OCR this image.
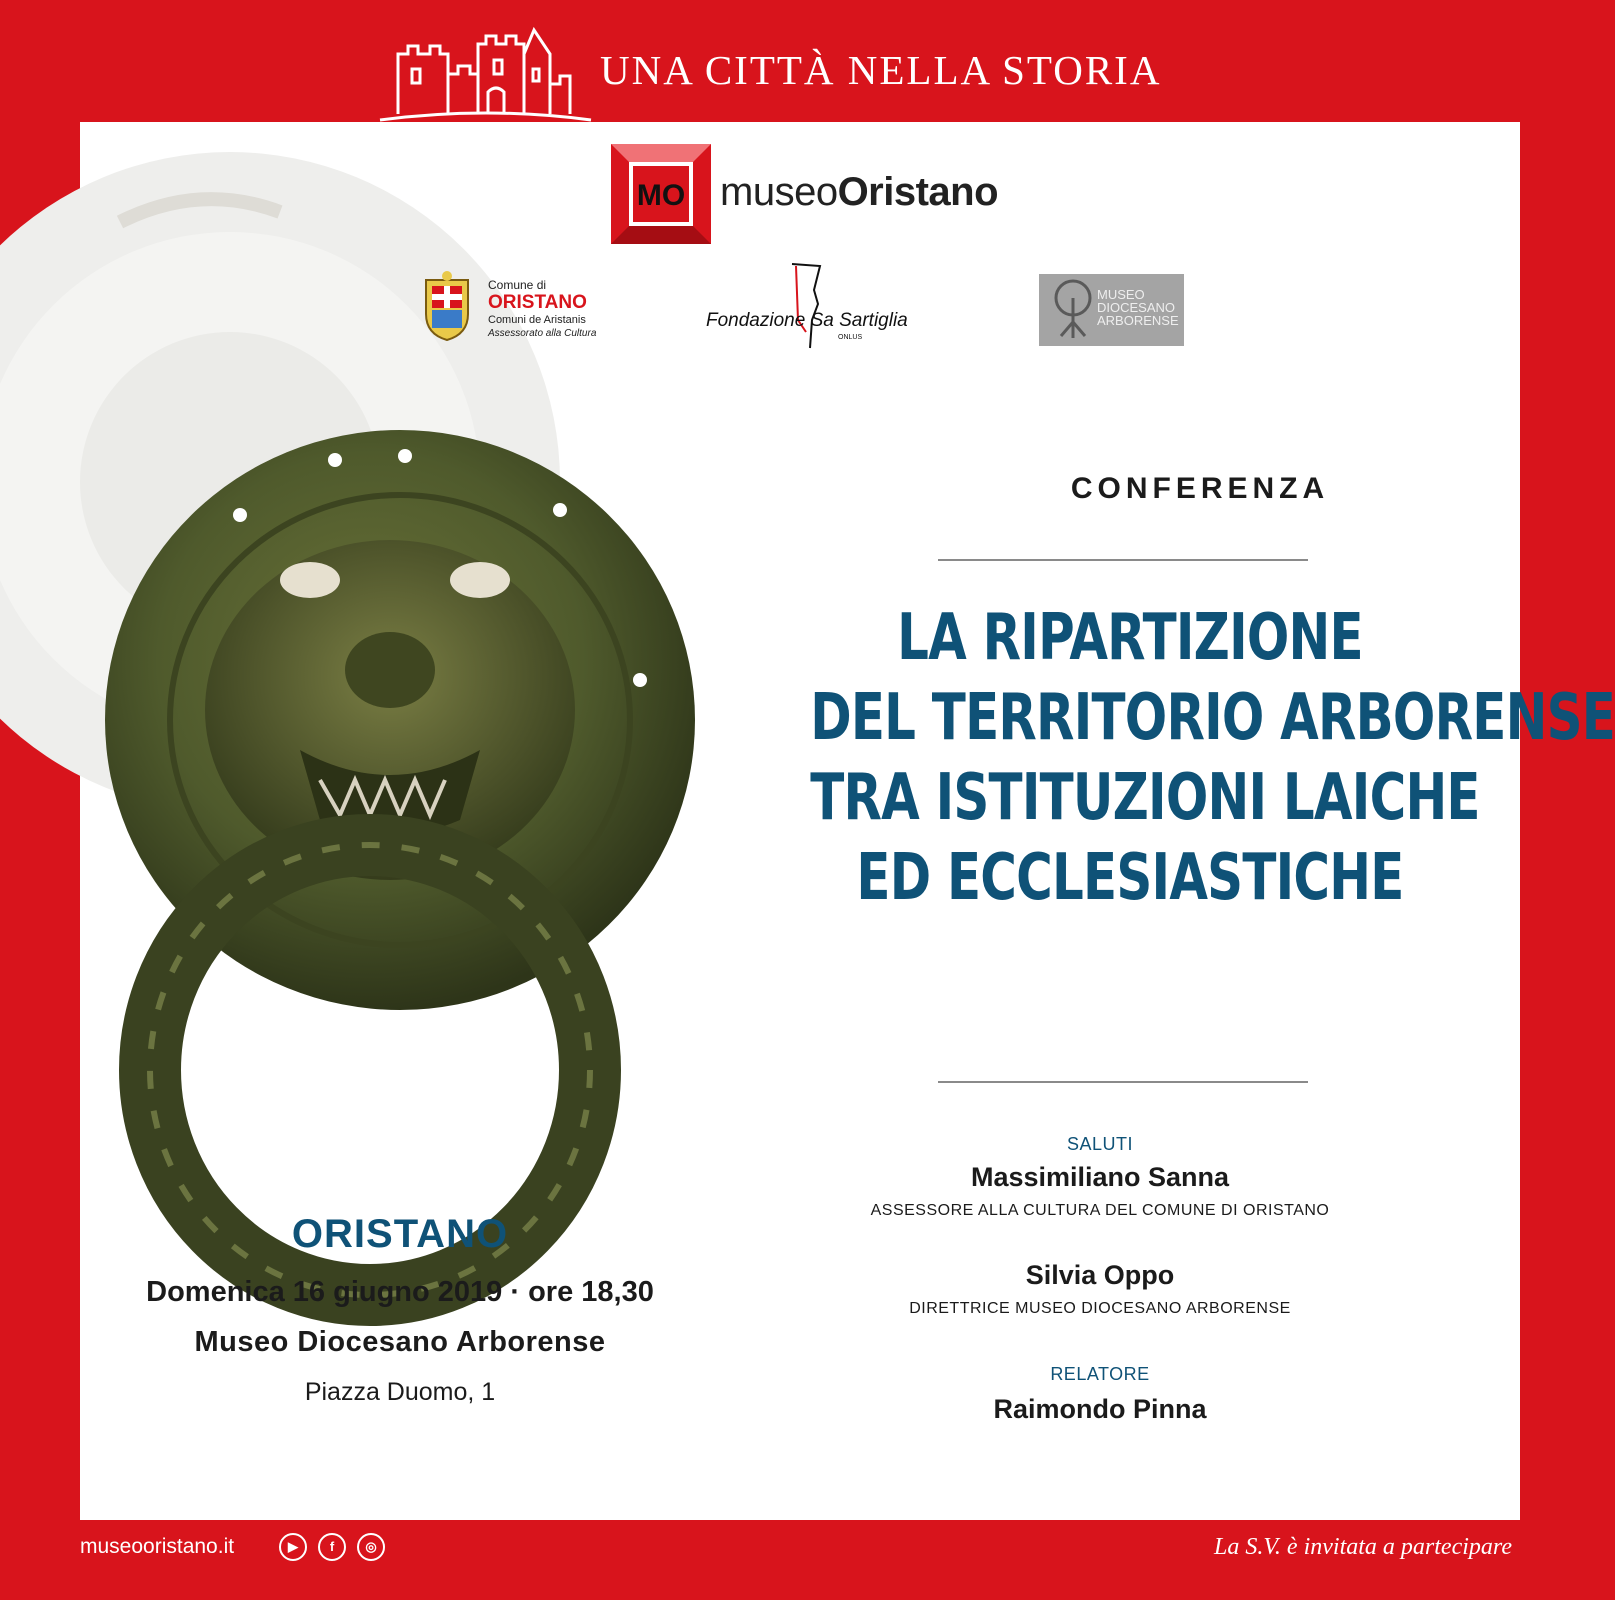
UNA CITTÀ NELLA STORIA
MO museoOristano
Comune di
ORISTANO
Comuni de Aristanis
Assessorato alla Cultura
Fondazione Sa Sartiglia
ONLUS
MUSEO DIOCESANO ARBORENSE
CONFERENZA
LA RIPARTIZIONE
DEL TERRITORIO ARBORENSE
TRA ISTITUZIONI LAICHE
ED ECCLESIASTICHE
SALUTI
Massimiliano Sanna
ASSESSORE ALLA CULTURA DEL COMUNE DI ORISTANO
Silvia Oppo
DIRETTRICE MUSEO DIOCESANO ARBORENSE
RELATORE
Raimondo Pinna
ORISTANO
Domenica 16 giugno 2019 · ore 18,30
Museo Diocesano Arborense
Piazza Duomo, 1
museooristano.it	▶	f	◎	La S.V. è invitata a partecipare
